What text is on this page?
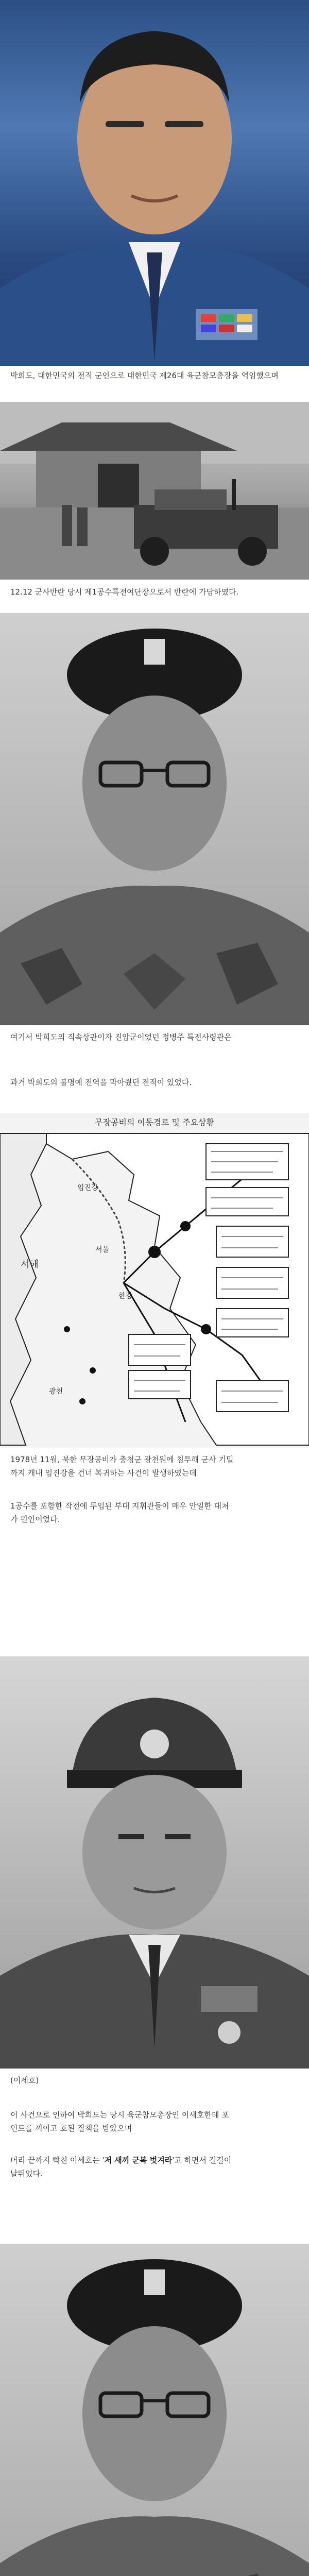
박희도, 대한민국의 전직 군인으로 대한민국 제26대 육군참모총장을 역임했으며
12.12 군사반란 당시 제1공수특전여단장으로서 반란에 가담하였다.
여기서 박희도의 직속상관이자 진압군이었던 정병주 특전사령관은
과거 박희도의 불명예 전역을 막아줬던 전적이 있었다.
무장공비의 이동경로 및 주요상황
서해
임진강
서울
광천
한강
1978년 11월, 북한 무장공비가 충청군 광천원에 침투해 군사 기밀
까지 캐내 임진강을 건너 복귀하는 사건이 발생하였는데
1공수를 포함한 작전에 투입된 부대 지휘관들이 매우 안일한 대처
가 원인이었다.
(이세호)
이 사건으로 인하여 박희도는 당시 육군참모총장인 이세호한테 포
인트를 끼이고 호된 질책을 받았으며
머리 끝까지 빡친 이세호는 '저 새끼 군복 벗겨라'고 하면서 길길이
날뛰었다.
